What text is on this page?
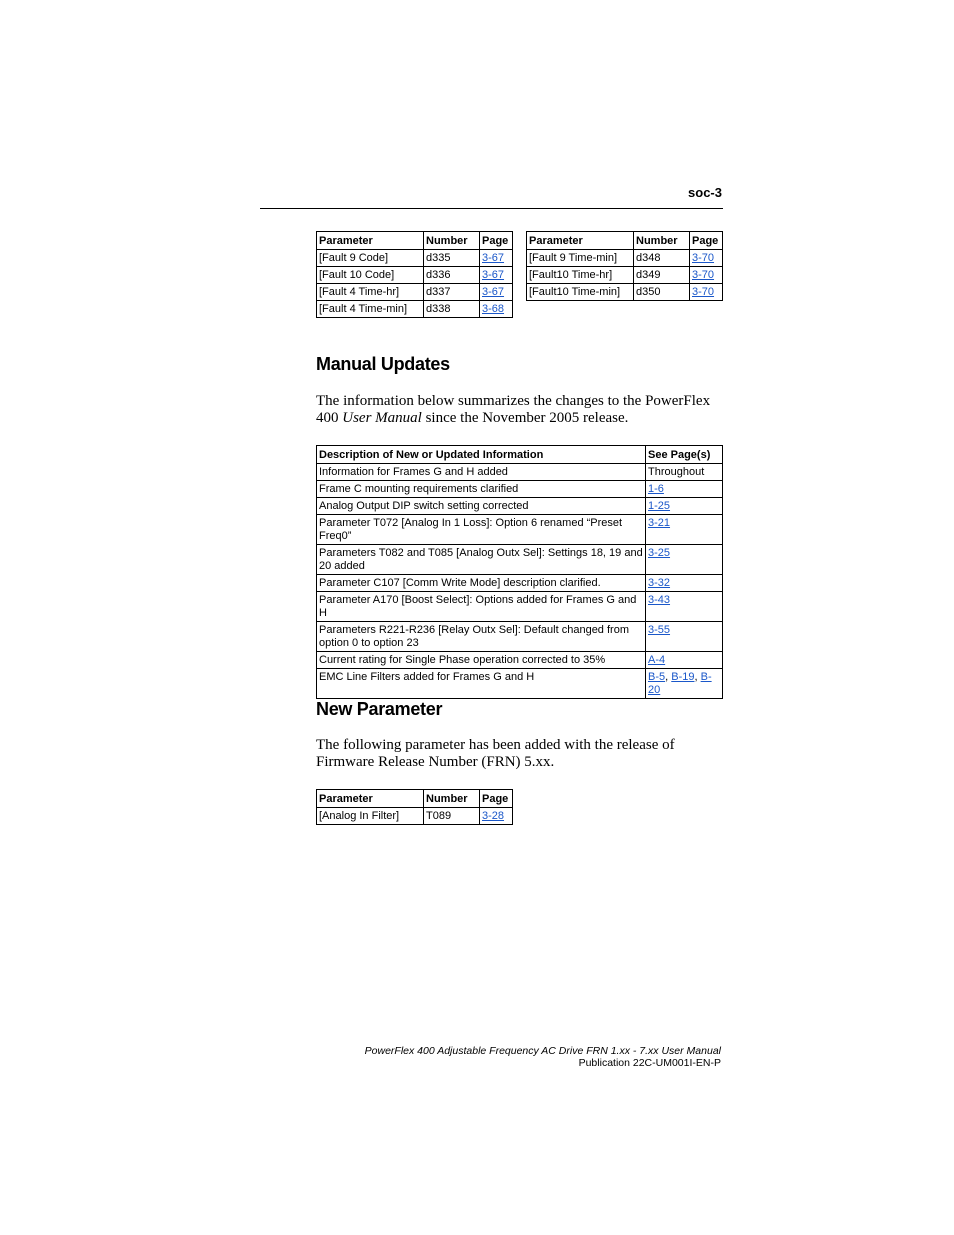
soc-3
Parameter	Number	Page
[Fault 9 Code]	d335	3-67
[Fault 10 Code]	d336	3-67
[Fault 4 Time-hr]	d337	3-67
[Fault 4 Time-min]	d338	3-68
Parameter	Number	Page
[Fault 9 Time-min]	d348	3-70
[Fault10 Time-hr]	d349	3-70
[Fault10 Time-min]	d350	3-70
Manual Updates
The information below summarizes the changes to the PowerFlex 400 User Manual since the November 2005 release.
Description of New or Updated Information	See Page(s)
Information for Frames G and H added	Throughout
Frame C mounting requirements clarified	1-6
Analog Output DIP switch setting corrected	1-25
Parameter T072 [Analog In 1 Loss]: Option 6 renamed “Preset Freq0”	3-21
Parameters T082 and T085 [Analog Outx Sel]: Settings 18, 19 and 20 added	3-25
Parameter C107 [Comm Write Mode] description clarified.	3-32
Parameter A170 [Boost Select]: Options added for Frames G and H	3-43
Parameters R221-R236 [Relay Outx Sel]: Default changed from option 0 to option 23	3-55
Current rating for Single Phase operation corrected to 35%	A-4
EMC Line Filters added for Frames G and H	B-5, B-19, B-20
New Parameter
The following parameter has been added with the release of Firmware Release Number (FRN) 5.xx.
Parameter	Number	Page
[Analog In Filter]	T089	3-28
PowerFlex 400 Adjustable Frequency AC Drive FRN 1.xx - 7.xx User Manual
Publication 22C-UM001I-EN-P
